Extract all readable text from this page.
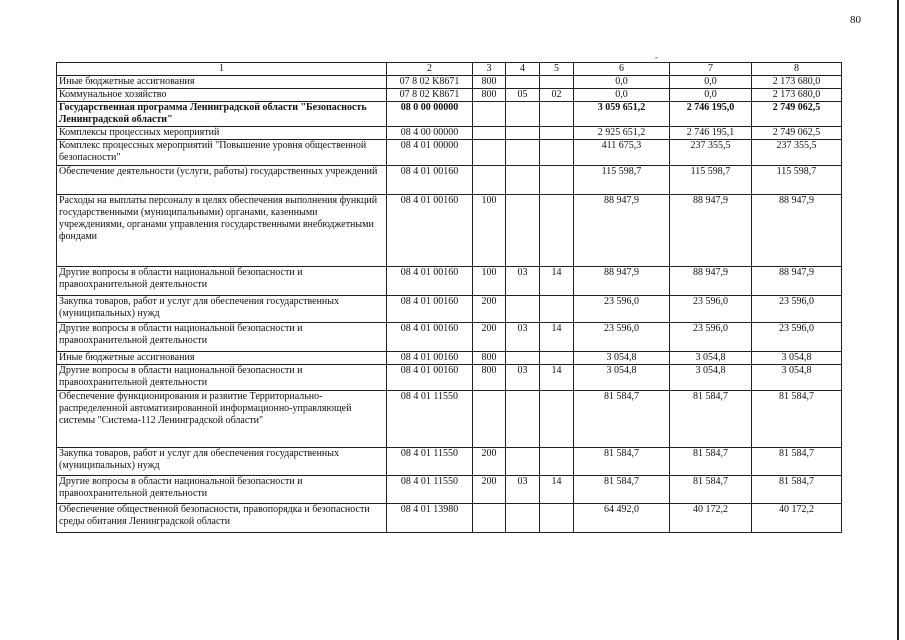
80
-
1	2	3	4	5	6	7	8
Иные бюджетные ассигнования	07 8 02 K8671	800			0,0	0,0	2 173 680,0
Коммунальное хозяйство	07 8 02 K8671	800	05	02	0,0	0,0	2 173 680,0
Государственная программа Ленинградской области "Безопасность Ленинградской области"	08 0 00 00000				3 059 651,2	2 746 195,0	2 749 062,5
Комплексы процессных мероприятий	08 4 00 00000				2 925 651,2	2 746 195,1	2 749 062,5
Комплекс процессных мероприятий "Повышение уровня общественной безопасности"	08 4 01 00000				411 675,3	237 355,5	237 355,5
Обеспечение деятельности (услуги, работы) государственных учреждений	08 4 01 00160				115 598,7	115 598,7	115 598,7
Расходы на выплаты персоналу в целях обеспечения выполнения функций государственными (муниципальными) органами, казенными учреждениями, органами управления государственными внебюджетными фондами	08 4 01 00160	100			88 947,9	88 947,9	88 947,9
Другие вопросы в области национальной безопасности и правоохранительной деятельности	08 4 01 00160	100	03	14	88 947,9	88 947,9	88 947,9
Закупка товаров, работ и услуг для обеспечения государственных (муниципальных) нужд	08 4 01 00160	200			23 596,0	23 596,0	23 596,0
Другие вопросы в области национальной безопасности и правоохранительной деятельности	08 4 01 00160	200	03	14	23 596,0	23 596,0	23 596,0
Иные бюджетные ассигнования	08 4 01 00160	800			3 054,8	3 054,8	3 054,8
Другие вопросы в области национальной безопасности и правоохранительной деятельности	08 4 01 00160	800	03	14	3 054,8	3 054,8	3 054,8
Обеспечение функционирования и развитие Территориально-распределенной автоматизированной информационно-управляющей системы "Система-112 Ленинградской области"	08 4 01 11550				81 584,7	81 584,7	81 584,7
Закупка товаров, работ и услуг для обеспечения государственных (муниципальных) нужд	08 4 01 11550	200			81 584,7	81 584,7	81 584,7
Другие вопросы в области национальной безопасности и правоохранительной деятельности	08 4 01 11550	200	03	14	81 584,7	81 584,7	81 584,7
Обеспечение общественной безопасности, правопорядка и безопасности среды обитания Ленинградской области	08 4 01 13980				64 492,0	40 172,2	40 172,2
